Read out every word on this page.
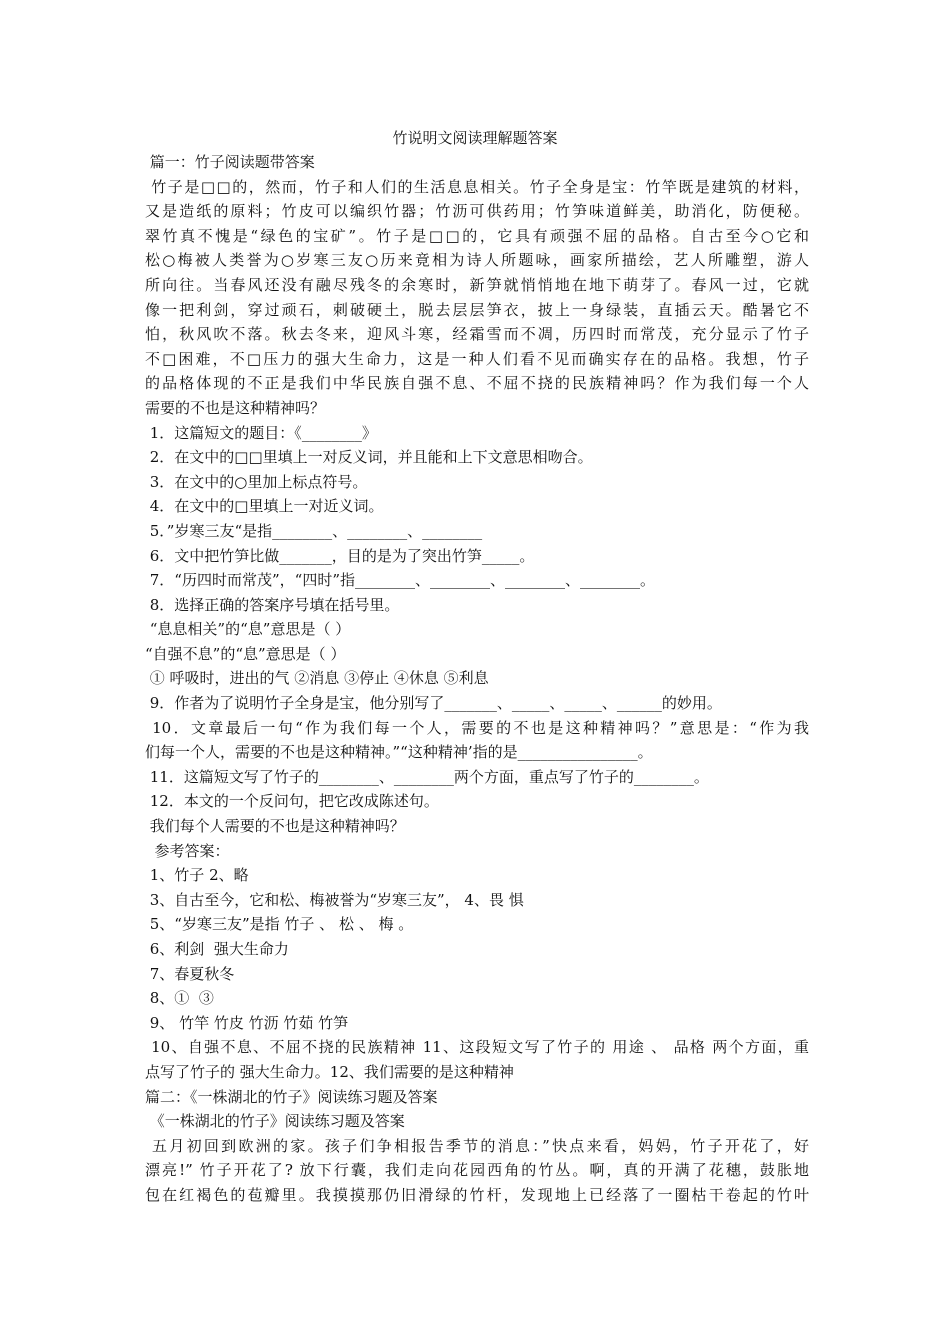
竹说明文阅读理解题答案
篇一：竹子阅读题带答案
竹子是□□的，然而，竹子和人们的生活息息相关。竹子全身是宝：竹竿既是建筑的材料，
又是造纸的原料；竹皮可以编织竹器；竹沥可供药用；竹笋味道鲜美，助消化，防便秘。
翠竹真不愧是“绿色的宝矿”。竹子是□□的，它具有顽强不屈的品格。自古至今○它和
松○梅被人类誉为○岁寒三友○历来竟相为诗人所题咏，画家所描绘，艺人所雕塑，游人
所向往。当春风还没有融尽残冬的余寒时，新笋就悄悄地在地下萌芽了。春风一过，它就
像一把利剑，穿过顽石，刺破硬土，脱去层层笋衣，披上一身绿装，直插云天。酷暑它不
怕，秋风吹不落。秋去冬来，迎风斗寒，经霜雪而不凋，历四时而常茂，充分显示了竹子
不□困难，不□压力的强大生命力，这是一种人们看不见而确实存在的品格。我想，竹子
的品格体现的不正是我们中华民族自强不息、不屈不挠的民族精神吗？作为我们每一个人
需要的不也是这种精神吗？
1．这篇短文的题目：《________》
2．在文中的□□里填上一对反义词，并且能和上下文意思相吻合。
3．在文中的○里加上标点符号。
4．在文中的□里填上一对近义词。
5．”岁寒三友“是指________、________、________
6．文中把竹笋比做_______，目的是为了突出竹笋_____。
7．“历四时而常茂”，“四时”指________、________、________、________。
8．选择正确的答案序号填在括号里。
“息息相关”的“息”意思是（ ）
“自强不息”的“息”意思是（ ）
① 呼吸时，进出的气 ②消息 ③停止 ④休息 ⑤利息
9．作者为了说明竹子全身是宝，他分别写了_______、_____、_____、______的妙用。
10．文章最后一句“作为我们每一个人，需要的不也是这种精神吗？”意思是：“作为我
们每一个人，需要的不也是这种精神。”“这种精神’指的是________________。
11．这篇短文写了竹子的________、________两个方面，重点写了竹子的________。
12．本文的一个反问句，把它改成陈述句。
我们每个人需要的不也是这种精神吗？
参考答案：
1、竹子 2、略
3、自古至今，它和松、梅被誉为“岁寒三友”， 4、畏 惧
5、“岁寒三友”是指 竹子 、 松 、 梅 。
6、利剑  强大生命力
7、春夏秋冬
8、①  ③
9、 竹竿 竹皮 竹沥 竹茹 竹笋
10、自强不息、不屈不挠的民族精神 11、这段短文写了竹子的 用途 、 品格 两个方面，重
点写了竹子的 强大生命力。12、我们需要的是这种精神
篇二：《一株湖北的竹子》阅读练习题及答案
《一株湖北的竹子》阅读练习题及答案
五月初回到欧洲的家。孩子们争相报告季节的消息：”快点来看，妈妈，竹子开花了，好
漂亮!” 竹子开花了? 放下行囊，我们走向花园西角的竹丛。啊，真的开满了花穗，鼓胀地
包在红褐色的苞瓣里。我摸摸那仍旧滑绿的竹杆，发现地上已经落了一圈枯干卷起的竹叶
